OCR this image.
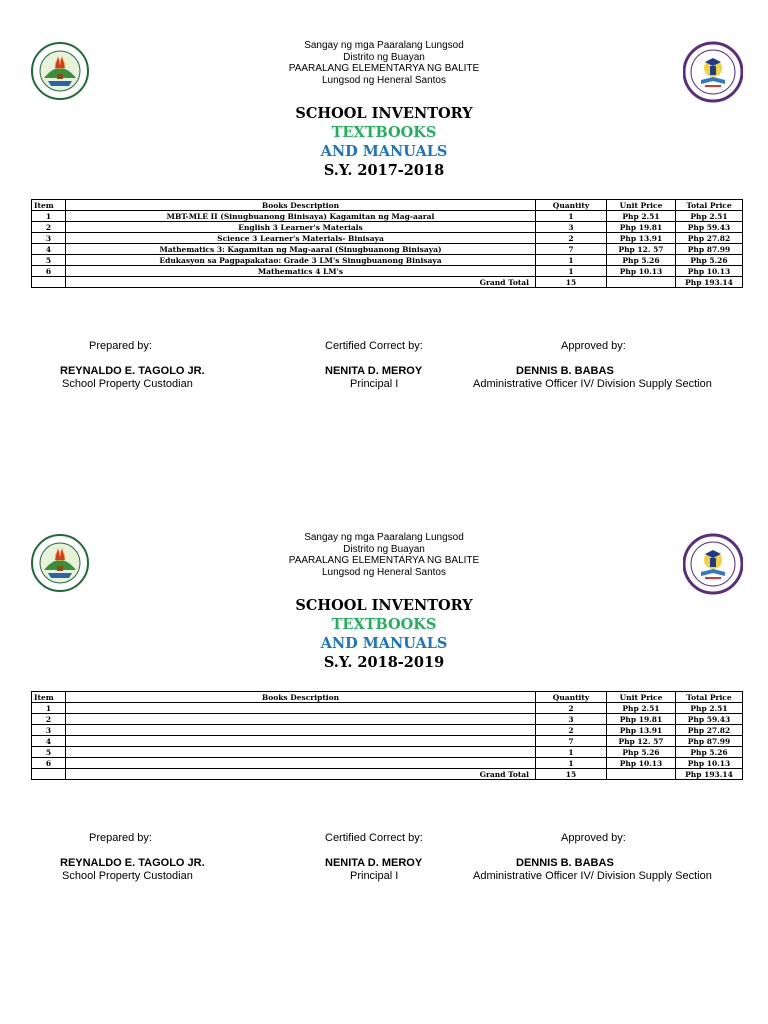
Sangay ng mga Paaralang Lungsod
Distrito ng Buayan
PAARALANG ELEMENTARYA NG BALITE
Lungsod ng Heneral Santos
SCHOOL INVENTORY
TEXTBOOKS
AND MANUALS
S.Y. 2017-2018
Item	Books Description	Quantity	Unit Price	Total Price
1	MBT-MLE II (Sinugbuanong Binisaya) Kagamitan ng Mag-aaral	1	Php 2.51	Php 2.51
2	English 3 Learner's Materials	3	Php 19.81	Php 59.43
3	Science 3 Learner's Materials- Binisaya	2	Php 13.91	Php 27.82
4	Mathematics 3: Kagamitan ng Mag-aaral (Sinugbuanong Binisaya)	7	Php 12. 57	Php 87.99
5	Edukasyon sa Pagpapakatao: Grade 3 LM's Sinugbuanong Binisaya	1	Php 5.26	Php 5.26
6	Mathematics 4 LM's	1	Php 10.13	Php 10.13
	Grand Total	15		Php 193.14
Prepared by:	Certified Correct by:	Approved by:
REYNALDO E. TAGOLO JR.	NENITA D. MEROY	DENNIS B. BABAS
School Property Custodian	Principal I	Administrative Officer IV/ Division Supply Section
Sangay ng mga Paaralang Lungsod
Distrito ng Buayan
PAARALANG ELEMENTARYA NG BALITE
Lungsod ng Heneral Santos
SCHOOL INVENTORY
TEXTBOOKS
AND MANUALS
S.Y. 2018-2019
Item	Books Description	Quantity	Unit Price	Total Price
1		2	Php 2.51	Php 2.51
2		3	Php 19.81	Php 59.43
3		2	Php 13.91	Php 27.82
4		7	Php 12. 57	Php 87.99
5		1	Php 5.26	Php 5.26
6		1	Php 10.13	Php 10.13
	Grand Total	15		Php 193.14
Prepared by:	Certified Correct by:	Approved by:
REYNALDO E. TAGOLO JR.	NENITA D. MEROY	DENNIS B. BABAS
School Property Custodian	Principal I	Administrative Officer IV/ Division Supply Section
